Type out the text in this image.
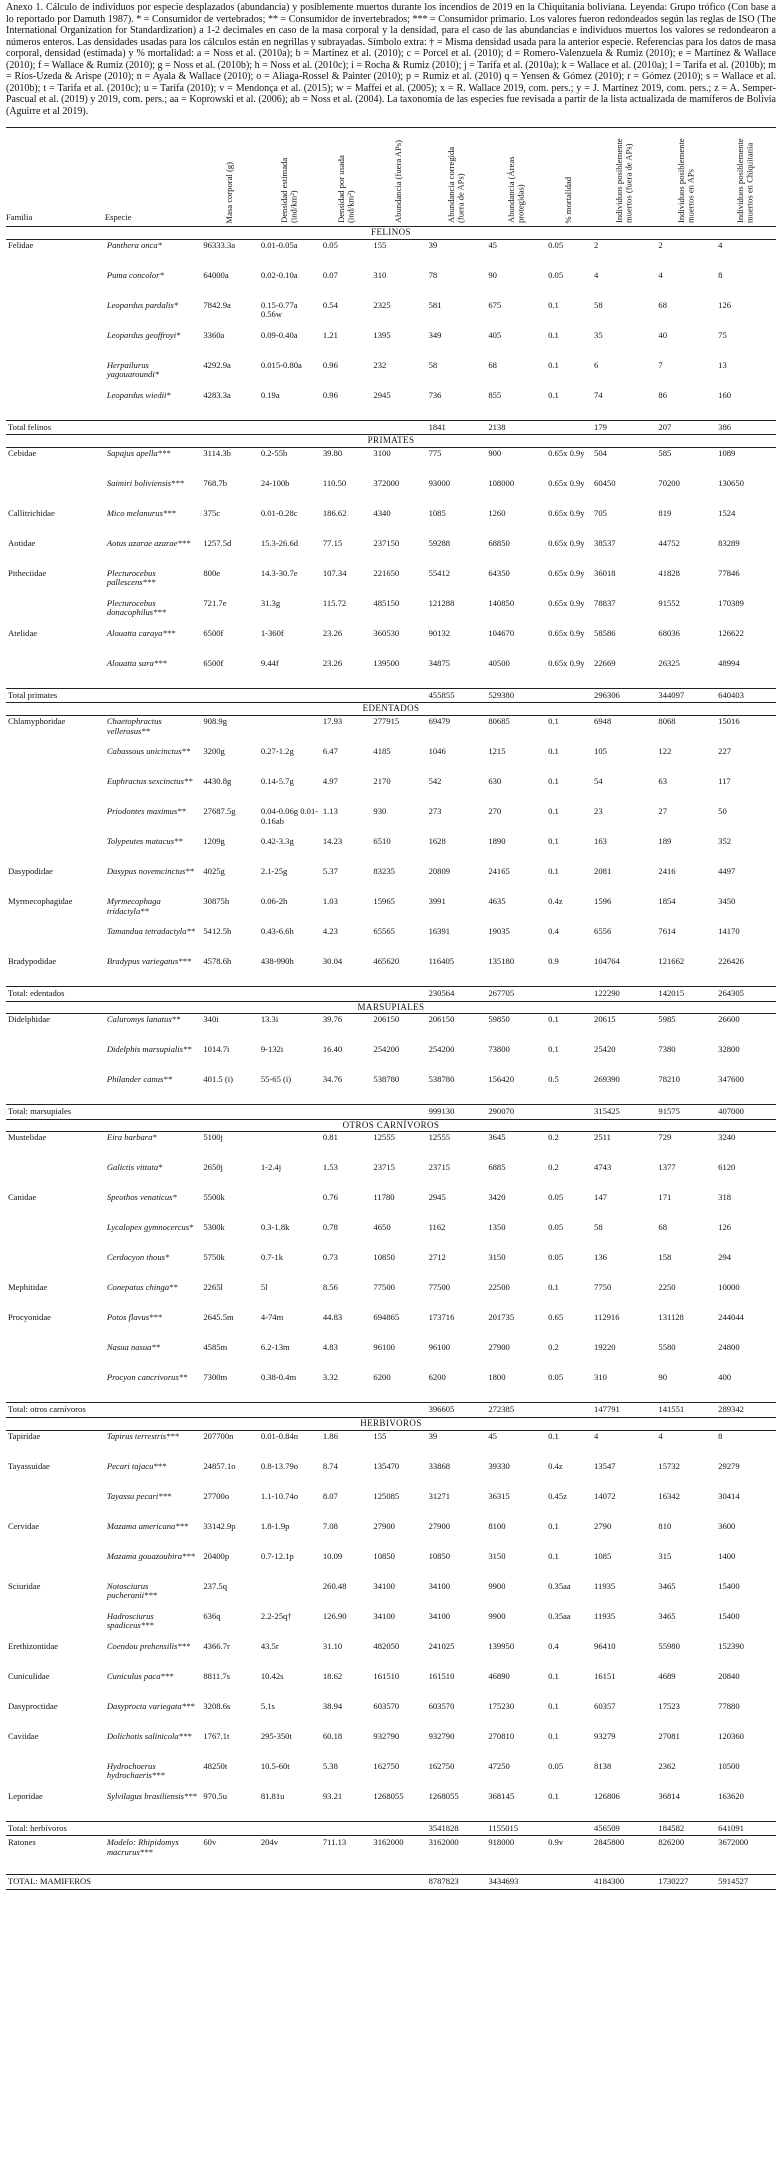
Anexo 1. Cálculo de individuos por especie desplazados (abundancia) y posiblemente muertos durante los incendios de 2019 en la Chiquitania boliviana. Leyenda: Grupo trófico (Con base a lo reportado por Damuth 1987). * = Consumidor de vertebrados; ** = Consumidor de invertebrados; *** = Consumidor primario. Los valores fueron redondeados según las reglas de ISO (The International Organization for Standardization) a 1-2 decimales en caso de la masa corporal y la densidad, para el caso de las abundancias e individuos muertos los valores se redondearon a números enteros. Las densidades usadas para los cálculos están en negrillas y subrayadas. Símbolo extra: † = Misma densidad usada para la anterior especie. Referencias para los datos de masa corporal, densidad (estimada) y % mortalidad: a = Noss et al. (2010a); b = Martínez et al. (2010); c = Porcel et al. (2010); d = Romero-Valenzuela & Rumiz (2010); e = Martínez & Wallace (2010); f = Wallace & Rumiz (2010); g = Noss et al. (2010b); h = Noss et al. (2010c); i = Rocha & Rumiz (2010); j = Tarifa et al. (2010a); k = Wallace et al. (2010a); l = Tarifa et al. (2010b); m = Ríos-Uzeda & Arispe (2010); n = Ayala & Wallace (2010); o = Aliaga-Rossel & Painter (2010); p = Rumiz et al. (2010) q = Yensen & Gómez (2010); r = Gómez (2010); s = Wallace et al. (2010b); t = Tarifa et al. (2010c); u = Tarifa (2010); v = Mendonça et al. (2015); w = Maffei et al. (2005); x = R. Wallace 2019, com. pers.; y = J. Martínez 2019, com. pers.; z = A. Semper-Pascual et al. (2019) y 2019, com. pers.; aa = Koprowski et al. (2006); ab = Noss et al. (2004). La taxonomía de las especies fue revisada a partir de la lista actualizada de mamíferos de Bolivia (Aguirre et al 2019).

Familia	Especie	Masa corporal (g)	Densidad estimada (ind/km²)	Densidad por usada (ind/km²)	Abundancia (fuera APs)	Abundancia corregida (fuera de APs)	Abundancia (Áreas protegidas)	% mortalidad	Individuos posiblemente muertos (fuera de APs)	Individuos posiblemente muertos en APs	Individuos posiblemente muertos en Chiquitania
FELINOS											
Felidae	Panthera onca*	96333.3a	0.01-0.05a	0.05	155	39	45	0.05	2	2	4
	Puma concolor*	64000a	0.02-0.10a	0.07	310	78	90	0.05	4	4	8
	Leopardus pardalis*	7842.9a	0.15-0.77a 0.56w	0.54	2325	581	675	0.1	58	68	126
	Leopardus geoffroyi*	3360a	0.09-0.40a	1.21	1395	349	405	0.1	35	40	75
	Herpailurus yagouaroundi*	4292.9a	0.015-0.80a	0.96	232	58	68	0.1	6	7	13
	Leopardus wiedii*	4283.3a	0.19a	0.96	2945	736	855	0.1	74	86	160
Total felinos						1841	2138		179	207	386
PRIMATES											
Cebidae	Sapajus apella***	3114.3b	0.2-55b	39.80	3100	775	900	0.65x 0.9y	504	585	1089
	Saimiri boliviensis***	768.7b	24-100b	110.50	372000	93000	108000	0.65x 0.9y	60450	70200	130650
Callitrichidae	Mico melanurus***	375c	0.01-0.28c	186.62	4340	1085	1260	0.65x 0.9y	705	819	1524
Aotidae	Aotus azarae azarae***	1257.5d	15.3-26.6d	77.15	237150	59288	68850	0.65x 0.9y	38537	44752	83289
Pitheciidae	Plecturocebus pallescens***	800e	14.3-30.7e	107.34	221650	55412	64350	0.65x 0.9y	36018	41828	77846
	Plecturocebus donacophilus***	721.7e	31.3g	115.72	485150	121288	140850	0.65x 0.9y	78837	91552	170389
Atelidae	Alouatta caraya***	6500f	1-360f	23.26	360530	90132	104670	0.65x 0.9y	58586	68036	126622
	Alouatta sara***	6500f	9.44f	23.26	139500	34875	40500	0.65x 0.9y	22669	26325	48994
Total primates						455855	529380		296306	344097	640403
EDENTADOS											
Chlamyphoridae	Chaetophractus vellerosus**	908.9g		17.93	277915	69479	80685	0.1	6948	8068	15016
	Cabassous unicinctus**	3200g	0.27-1.2g	6.47	4185	1046	1215	0.1	105	122	227
	Euphractus sexcinctus**	4430.8g	0.14-5.7g	4.97	2170	542	630	0.1	54	63	117
	Priodontes maximus**	27687.5g	0.04-0.06g 0.01-0.16ab	1.13	930	273	270	0.1	23	27	50
	Tolypeutes matacus**	1209g	0.42-3.3g	14.23	6510	1628	1890	0.1	163	189	352
Dasypodidae	Dasypus novemcinctus**	4025g	2.1-25g	5.37	83235	20809	24165	0.1	2081	2416	4497
Myrmecophagidae	Myrmecophaga tridactyla**	30875h	0.06-2h	1.03	15965	3991	4635	0.4z	1596	1854	3450
	Tamandua tetradactyla**	5412.5h	0.43-6.6h	4.23	65565	16391	19035	0.4	6556	7614	14170
Bradypodidae	Bradypus variegatus***	4578.6h	438-990h	30.04	465620	116405	135180	0.9	104764	121662	226426
Total: edentados						230564	267705		122290	142015	264305
MARSUPIALES											
Didelphidae	Caluromys lanatus**	340i	13.3i	39.76	206150	206150	59850	0.1	20615	5985	26600
	Didelphis marsupialis**	1014.7i	9-132i	16.40	254200	254200	73800	0.1	25420	7380	32800
	Philander canus**	401.5 (i)	55-65 (i)	34.76	538780	538780	156420	0.5	269390	78210	347600
Total: marsupiales						999130	290070		315425	91575	407000
OTROS CARNÍVOROS											
Mustelidae	Eira barbara*	5100j		0.81	12555	12555	3645	0.2	2511	729	3240
	Galictis vittata*	2650j	1-2.4j	1.53	23715	23715	6885	0.2	4743	1377	6120
Canidae	Speothos venaticus*	5500k		0.76	11780	2945	3420	0.05	147	171	318
	Lycalopex gymnocercus*	5300k	0.3-1.8k	0.78	4650	1162	1350	0.05	58	68	126
	Cerdocyon thous*	5750k	0.7-1k	0.73	10850	2712	3150	0.05	136	158	294
Mephitidae	Conepatus chinga**	2265l	5l	8.56	77500	77500	22500	0.1	7750	2250	10000
Procyonidae	Potos flavus***	2645.5m	4-74m	44.83	694865	173716	201735	0.65	112916	131128	244044
	Nasua nasua**	4585m	6.2-13m	4.83	96100	96100	27900	0.2	19220	5580	24800
	Procyon cancrivorus**	7300m	0.38-0.4m	3.32	6200	6200	1800	0.05	310	90	400
Total: otros carnívoros						396605	272385		147791	141551	289342
HERBIVOROS											
Tapiridae	Tapirus terrestris***	207700n	0.01-0.84n	1.86	155	39	45	0.1	4	4	8
Tayassuidae	Pecari tajacu***	24857.1o	0.8-13.79o	8.74	135470	33868	39330	0.4z	13547	15732	29279
	Tayassu pecari***	27700o	1.1-10.74o	8.07	125085	31271	36315	0.45z	14072	16342	30414
Cervidae	Mazama americana***	33142.9p	1.8-1.9p	7.08	27900	27900	8100	0.1	2790	810	3600
	Mazama gouazoubira***	20400p	0.7-12.1p	10.09	10850	10850	3150	0.1	1085	315	1400
Sciuridae	Notosciurus pucheranii***	237.5q		260.48	34100	34100	9900	0.35aa	11935	3465	15400
	Hadrosciurus spadiceus***	636q	2.2-25q†	126.90	34100	34100	9900	0.35aa	11935	3465	15400
Erethizontidae	Coendou prehensilis***	4366.7r	43.5r	31.10	482050	241025	139950	0.4	96410	55980	152390
Cuniculidae	Cuniculus paca***	8811.7s	10.42s	18.62	161510	161510	46890	0.1	16151	4689	20840
Dasyproctidae	Dasyprocta variegata***	3208.6s	5.1s	38.94	603570	603570	175230	0.1	60357	17523	77880
Caviidae	Dolichotis salinicola***	1767.1t	295-350t	60.18	932790	932790	270810	0.1	93279	27081	120360
	Hydrochoerus hydrochaeris***	48250t	10.5-60t	5.38	162750	162750	47250	0.05	8138	2362	10500
Leporidae	Sylvilagus brasiliensis***	970.5u	81.81u	93.21	1268055	1268055	368145	0.1	126806	36814	163620
Total: herbívoros						3541828	1155015		456509	184582	641091
Ratones	Modelo: Rhipidomys macrurus***	60v	204v	711.13	3162000	3162000	918000	0.9v	2845800	826200	3672000
TOTAL: MAMIFEROS						8787823	3434693		4184300	1730227	5914527
